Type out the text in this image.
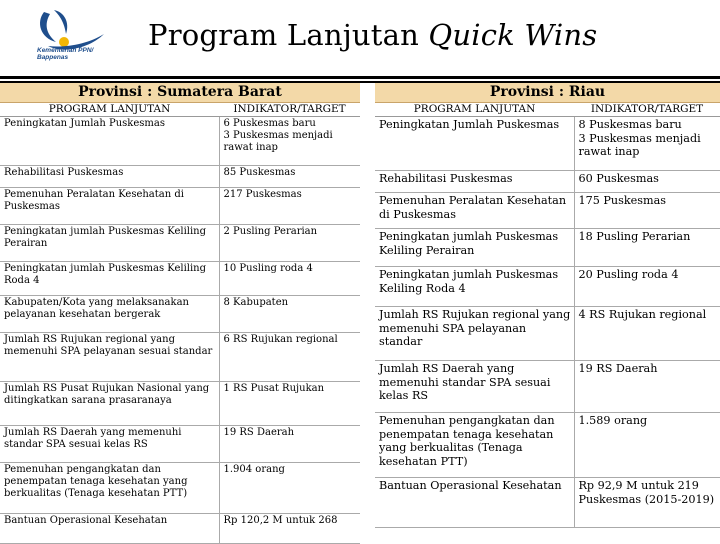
Kementerian PPN/
Bappenas
Program Lanjutan Quick Wins
Provinsi : Sumatera Barat
PROGRAM LANJUTAN	INDIKATOR/TARGET
Peningkatan Jumlah Puskesmas	6 Puskesmas baru
3 Puskesmas menjadi rawat inap
Rehabilitasi Puskesmas	85 Puskesmas
Pemenuhan Peralatan Kesehatan di Puskesmas	217 Puskesmas
Peningkatan jumlah Puskesmas Keliling Perairan	2 Pusling Perarian
Peningkatan jumlah Puskesmas Keliling Roda 4	10 Pusling roda 4
Kabupaten/Kota yang melaksanakan pelayanan kesehatan bergerak	8 Kabupaten
Jumlah RS Rujukan regional yang memenuhi SPA pelayanan sesuai standar	6 RS Rujukan regional
Jumlah RS Pusat Rujukan Nasional yang ditingkatkan sarana prasaranaya	1 RS Pusat Rujukan
Jumlah RS Daerah yang memenuhi standar SPA sesuai kelas RS	19 RS Daerah
Pemenuhan pengangkatan dan penempatan tenaga kesehatan yang berkualitas (Tenaga kesehatan PTT)	1.904 orang
Bantuan Operasional Kesehatan	Rp 120,2 M untuk 268
Provinsi : Riau
PROGRAM LANJUTAN	INDIKATOR/TARGET
Peningkatan Jumlah Puskesmas	8 Puskesmas baru
3 Puskesmas menjadi rawat inap
Rehabilitasi Puskesmas	60 Puskesmas
Pemenuhan Peralatan Kesehatan di Puskesmas	175 Puskesmas
Peningkatan jumlah Puskesmas Keliling Perairan	18 Pusling Perarian
Peningkatan jumlah Puskesmas Keliling Roda 4	20 Pusling roda 4
Jumlah RS Rujukan regional yang memenuhi SPA pelayanan standar	4 RS Rujukan regional
Jumlah RS Daerah yang memenuhi standar SPA sesuai kelas RS	19 RS Daerah
Pemenuhan pengangkatan dan penempatan tenaga kesehatan yang berkualitas (Tenaga kesehatan PTT)	1.589 orang
Bantuan Operasional Kesehatan	Rp 92,9 M untuk 219 Puskesmas (2015-2019)
